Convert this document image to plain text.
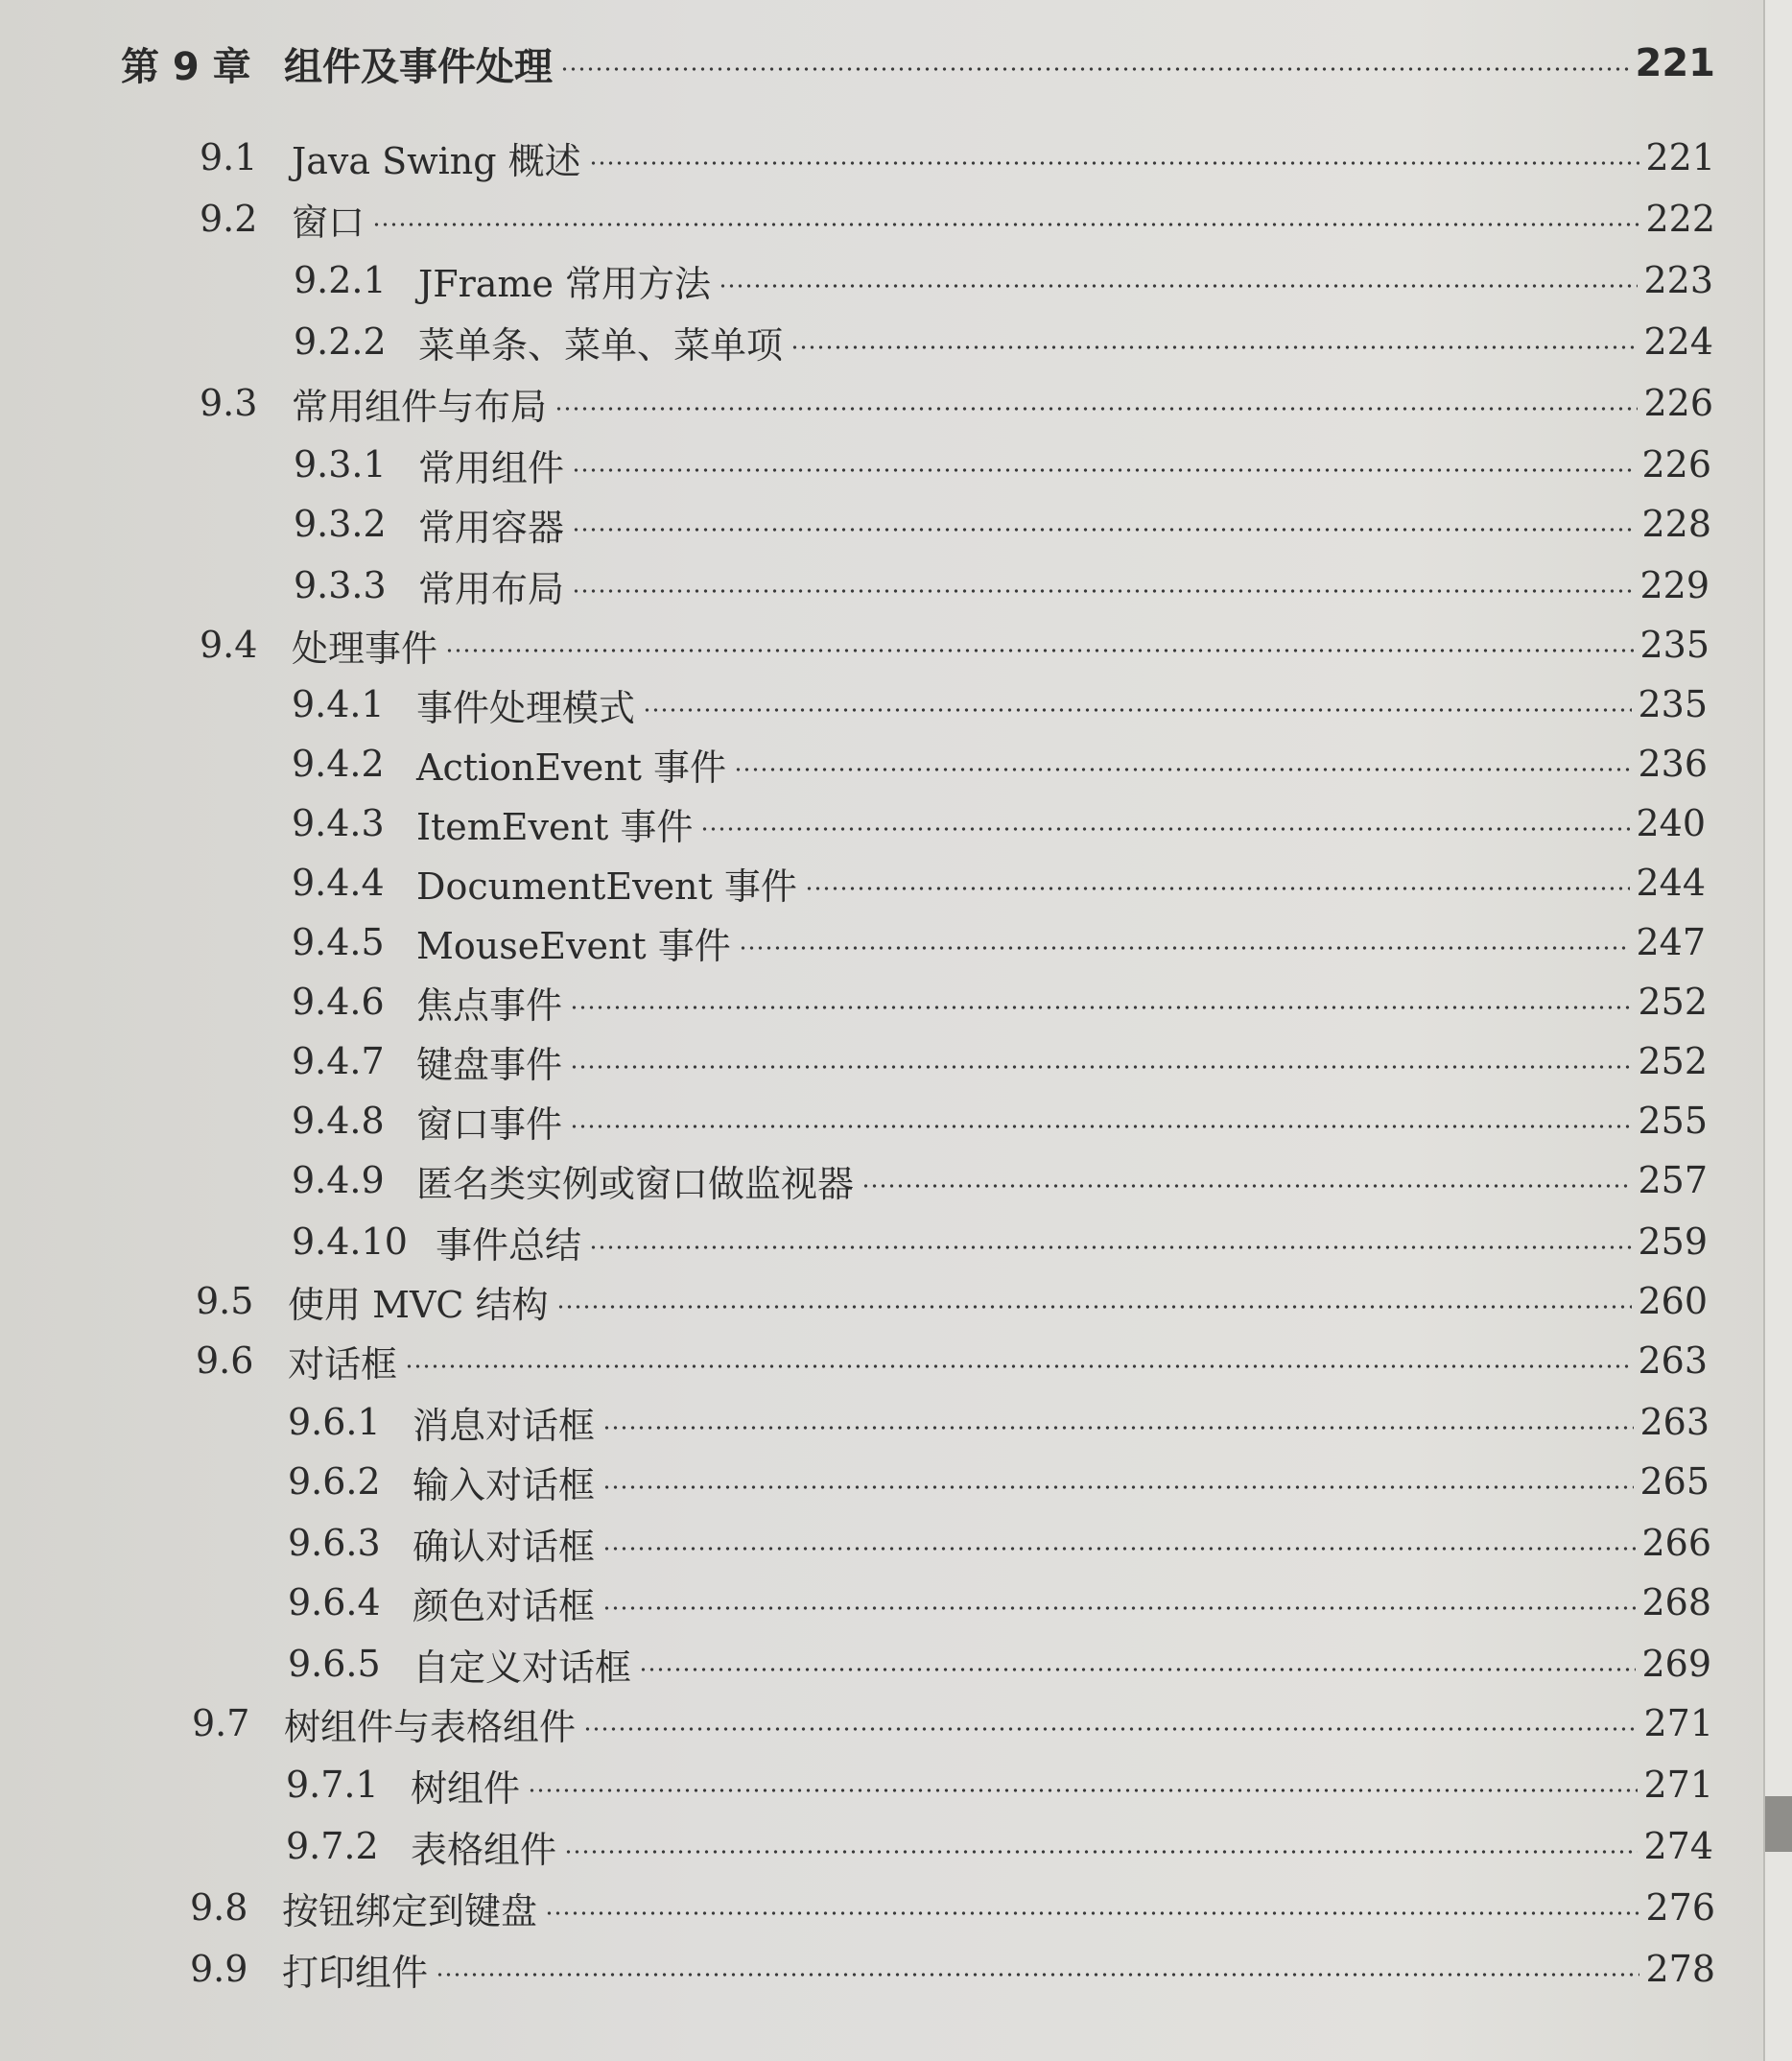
第 9 章 组件及事件处理	221
9.1 Java Swing 概述	221
9.2 窗口	222
9.2.1 JFrame 常用方法	223
9.2.2 菜单条、菜单、菜单项	224
9.3 常用组件与布局	226
9.3.1 常用组件	226
9.3.2 常用容器	228
9.3.3 常用布局	229
9.4 处理事件	235
9.4.1 事件处理模式	235
9.4.2 ActionEvent 事件	236
9.4.3 ItemEvent 事件	240
9.4.4 DocumentEvent 事件	244
9.4.5 MouseEvent 事件	247
9.4.6 焦点事件	252
9.4.7 键盘事件	252
9.4.8 窗口事件	255
9.4.9 匿名类实例或窗口做监视器	257
9.4.10 事件总结	259
9.5 使用 MVC 结构	260
9.6 对话框	263
9.6.1 消息对话框	263
9.6.2 输入对话框	265
9.6.3 确认对话框	266
9.6.4 颜色对话框	268
9.6.5 自定义对话框	269
9.7 树组件与表格组件	271
9.7.1 树组件	271
9.7.2 表格组件	274
9.8 按钮绑定到键盘	276
9.9 打印组件	278
